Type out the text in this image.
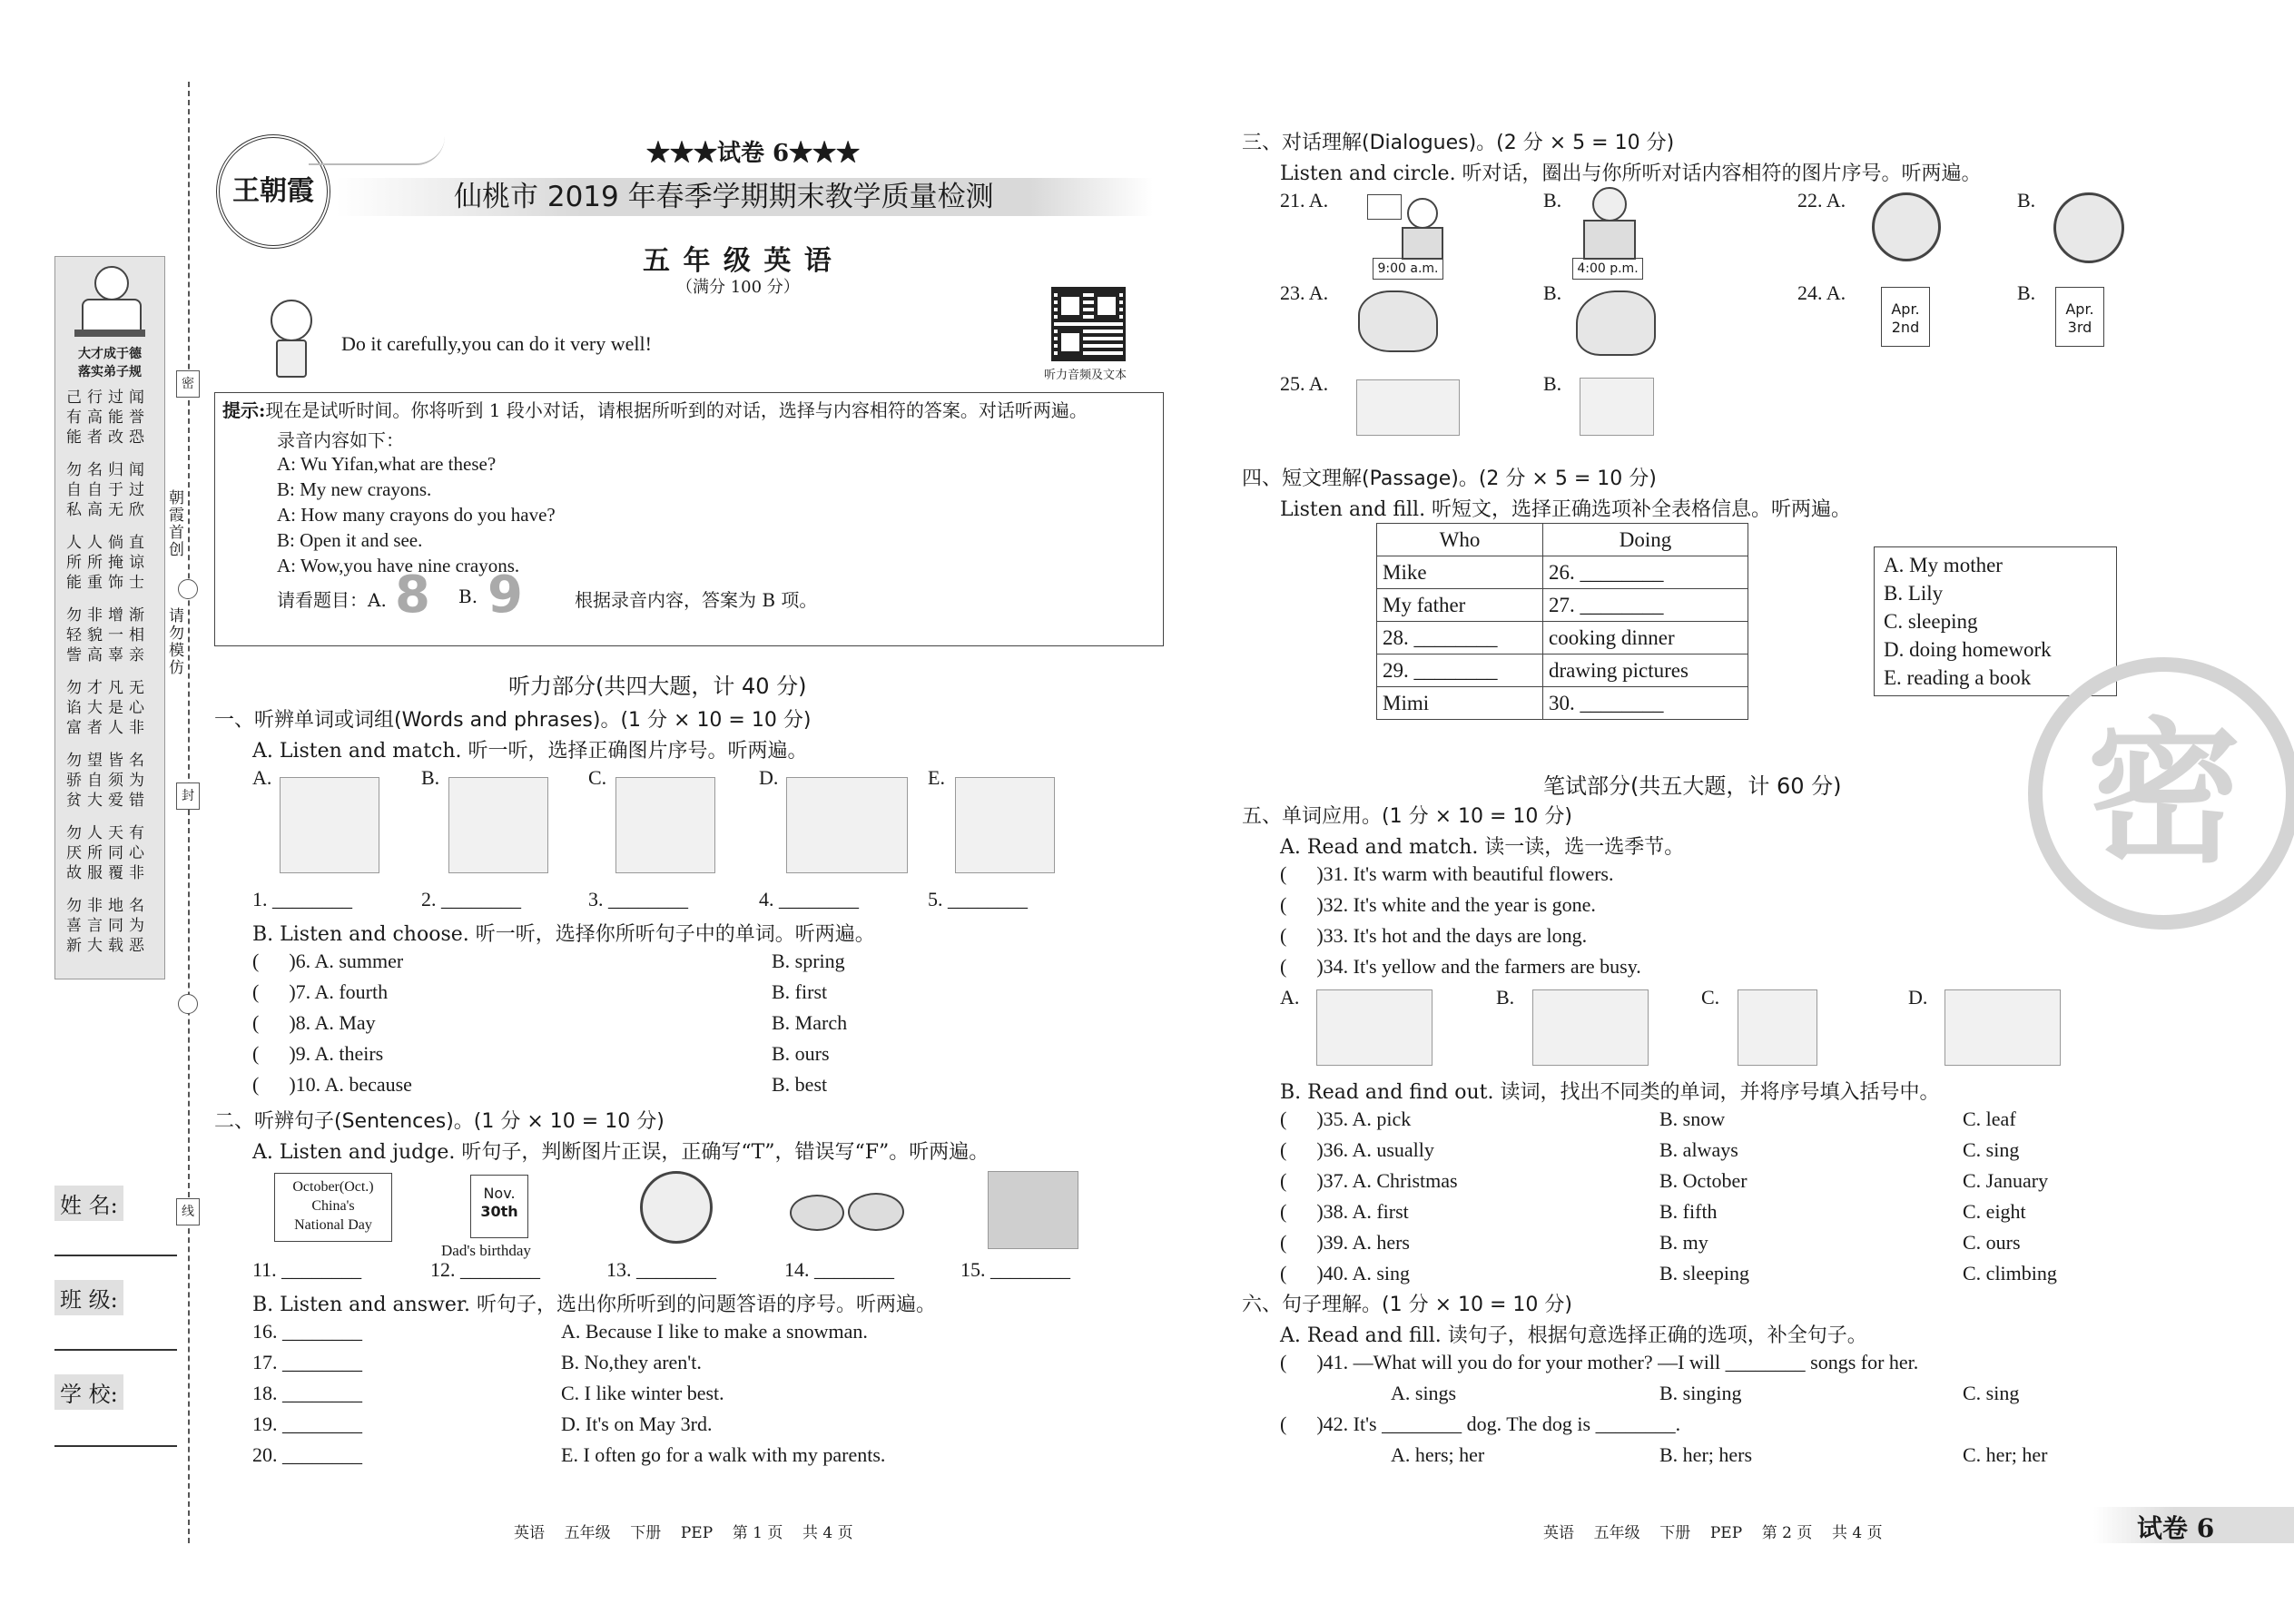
密
封
线
朝霞首创
请勿模仿
大才成于德
落实弟子规
己行过闻
有高能誉
能者改恐
勿名归闻
自自于过
私高无欣
人人倘直
所所掩谅
能重饰士
勿非增渐
轻貌一相
訾高辜亲
勿才凡无
谄大是心
富者人非
勿望皆名
骄自须为
贫大爱错
勿人天有
厌所同心
故服覆非
勿非地名
喜言同为
新大载恶
姓 名:
班 级:
学 校:
王朝霞
★★★试卷 6★★★
仙桃市 2019 年春季学期期末教学质量检测
五 年 级 英 语
（满分 100 分）
Do it carefully,you can do it very well!
听力音频及文本
提示:现在是试听时间。你将听到 1 段小对话，请根据所听到的对话，选择与内容相符的答案。对话听两遍。
录音内容如下：
A: Wu Yifan,what are these?
B: My new crayons.
A: How many crayons do you have?
B: Open it and see.
A: Wow,you have nine crayons.
请看题目：A. 8 B. 9	根据录音内容，答案为 B 项。
听力部分(共四大题，计 40 分)
一、听辨单词或词组(Words and phrases)。(1 分 × 10 = 10 分)
A. Listen and match. 听一听，选择正确图片序号。听两遍。
A.
1. ________
B.
2. ________
C.
3. ________
D.
4. ________
E.
5. ________
B. Listen and choose. 听一听，选择你所听句子中的单词。听两遍。
(      )6. A. summer	B. spring
(      )7. A. fourth	B. first
(      )8. A. May	B. March
(      )9. A. theirs	B. ours
(      )10. A. because	B. best
二、听辨句子(Sentences)。(1 分 × 10 = 10 分)
A. Listen and judge. 听句子，判断图片正误，正确写“T”，错误写“F”。听两遍。
October(Oct.)
China's
National Day
Nov.
30th
Dad's birthday
11. ________	12. ________	13. ________	14. ________	15. ________
B. Listen and answer. 听句子，选出你所听到的问题答语的序号。听两遍。
16. ________	A. Because I like to make a snowman.
17. ________	B. No,they aren't.
18. ________	C. I like winter best.
19. ________	D. It's on May 3rd.
20. ________	E. I often go for a walk with my parents.
英语    五年级    下册    PEP    第 1 页    共 4 页
三、对话理解(Dialogues)。(2 分 × 5 = 10 分)
Listen and circle. 听对话，圈出与你所听对话内容相符的图片序号。听两遍。
21. A.
9:00 a.m.
B.
4:00 p.m.
22. A.	B.
23. A.	B.	24. A.
Apr.
2nd
B.
Apr.
3rd
25. A.	B.
四、短文理解(Passage)。(2 分 × 5 = 10 分)
Listen and fill. 听短文，选择正确选项补全表格信息。听两遍。
Who	Doing
Mike	26. ________
My father	27. ________
28. ________	cooking dinner
29. ________	drawing pictures
Mimi	30. ________
A. My mother
B. Lily
C. sleeping
D. doing homework
E. reading a book
笔试部分(共五大题，计 60 分)
五、单词应用。(1 分 × 10 = 10 分)
A. Read and match. 读一读，选一选季节。
(      )31. It's warm with beautiful flowers.
(      )32. It's white and the year is gone.
(      )33. It's hot and the days are long.
(      )34. It's yellow and the farmers are busy.
A.	B.	C.	D.
B. Read and find out. 读词，找出不同类的单词，并将序号填入括号中。
(      )35. A. pick	B. snow	C. leaf
(      )36. A. usually	B. always	C. sing
(      )37. A. Christmas	B. October	C. January
(      )38. A. first	B. fifth	C. eight
(      )39. A. hers	B. my	C. ours
(      )40. A. sing	B. sleeping	C. climbing
六、句子理解。(1 分 × 10 = 10 分)
A. Read and fill. 读句子，根据句意选择正确的选项，补全句子。
(      )41. —What will you do for your mother? —I will ________ songs for her.
A. sings	B. singing	C. sing
(      )42. It's ________ dog. The dog is ________.
A. hers; her	B. her; hers	C. her; her
密
英语    五年级    下册    PEP    第 2 页    共 4 页	试卷 6
